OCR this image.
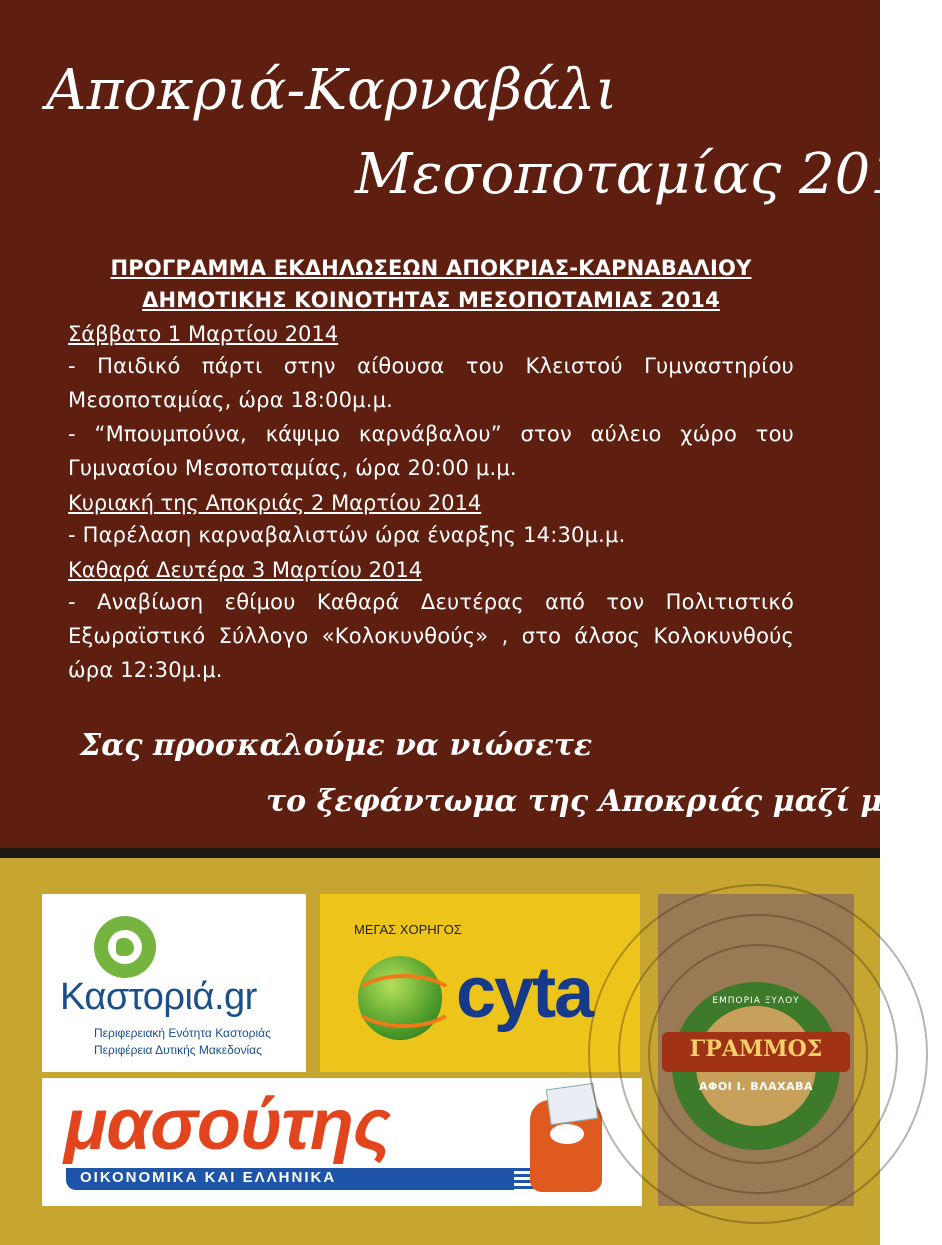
Αποκριά-Καρναβάλι
Μεσοποταμίας 2014
ΠΡΟΓΡΑΜΜΑ ΕΚΔΗΛΩΣΕΩΝ ΑΠΟΚΡΙΑΣ-ΚΑΡΝΑΒΑΛΙΟΥ
ΔΗΜΟΤΙΚΗΣ ΚΟΙΝΟΤΗΤΑΣ ΜΕΣΟΠΟΤΑΜΙΑΣ 2014
Σάββατο 1 Μαρτίου 2014
- Παιδικό πάρτι στην αίθουσα του Κλειστού Γυμναστηρίου Μεσοποταμίας, ώρα 18:00μ.μ.
- “Μπουμπούνα, κάψιμο καρνάβαλου” στον αύλειο χώρο του Γυμνασίου Μεσοποταμίας, ώρα 20:00 μ.μ.
Κυριακή της Αποκριάς 2 Μαρτίου 2014
- Παρέλαση καρναβαλιστών ώρα έναρξης 14:30μ.μ.
Καθαρά Δευτέρα 3 Μαρτίου 2014
- Αναβίωση εθίμου Καθαρά Δευτέρας από τον Πολιτιστικό Εξωραϊστικό Σύλλογο «Κολοκυνθούς» , στο άλσος Κολοκυνθούς ώρα 12:30μ.μ.
Σας προσκαλούμε να νιώσετε
το ξεφάντωμα της Αποκριάς μαζί μας!
Καστοριά.gr
Περιφερειακή Ενότητα Καστοριάς
Περιφέρεια Δυτικής Μακεδονίας
ΜΕΓΑΣ ΧΟΡΗΓΟΣ
cyta
μασούτης
ΟΙΚΟΝΟΜΙΚΑ ΚΑΙ ΕΛΛΗΝΙΚΑ
ΕΜΠΟΡΙΑ ΞΥΛΟΥ
ΓΡΑΜΜΟΣ
ΑΦΟΙ Ι. ΒΛΑΧΑΒΑ
